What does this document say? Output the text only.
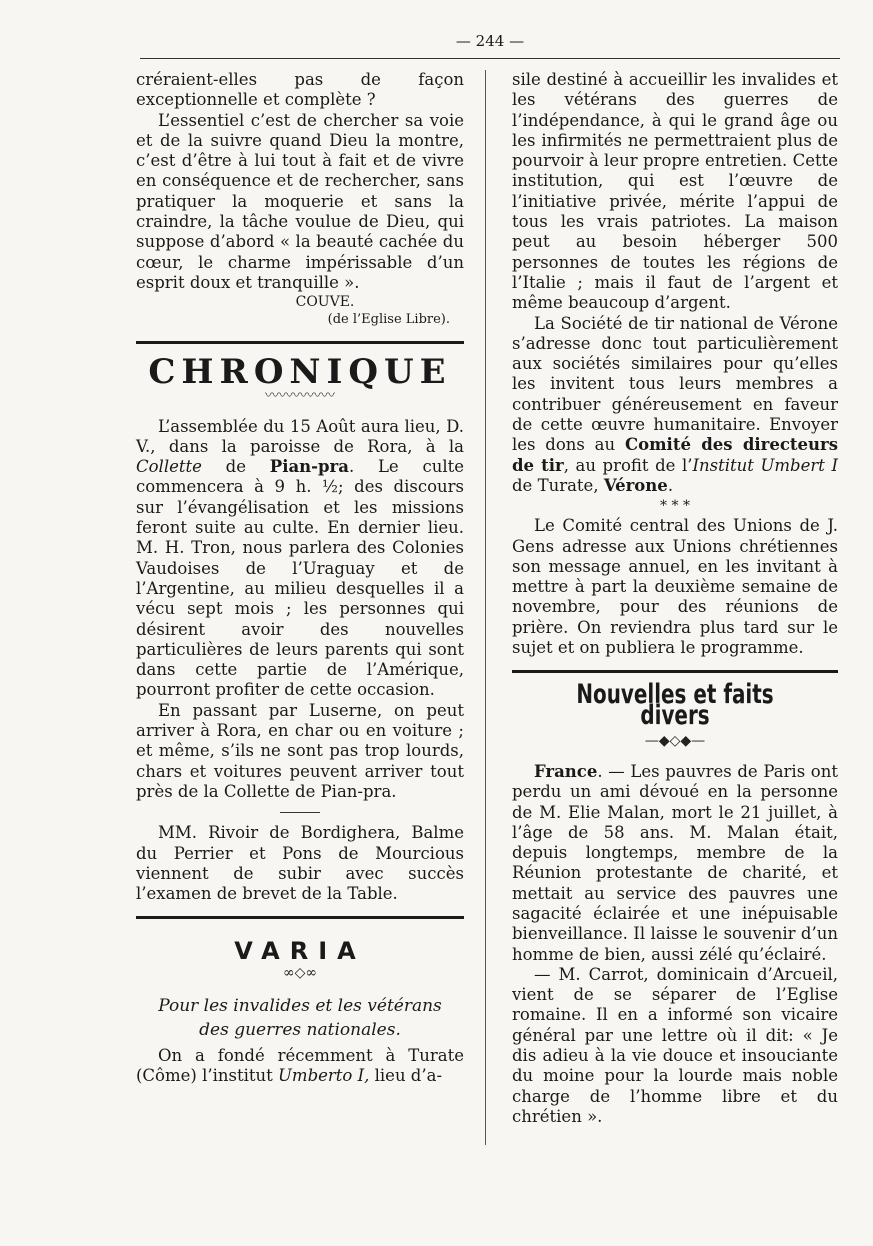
— 244 —

créraient-elles pas de façon exceptionnelle et complète ?

L’essentiel c’est de chercher sa voie et de la suivre quand Dieu la montre, c’est d’être à lui tout à fait et de vivre en conséquence et de rechercher, sans pratiquer la moquerie et sans la craindre, la tâche voulue de Dieu, qui suppose d’abord « la beauté cachée du cœur, le charme impérissable d’un esprit doux et tranquille ».

COUVE.
(de l’Eglise Libre).
CHRONIQUE
〰〰〰〰〰

L’assemblée du 15 Août aura lieu, D. V., dans la paroisse de Rora, à la Collette de Pian-pra. Le culte commencera à 9 h. ½; des discours sur l’évangélisation et les missions feront suite au culte. En dernier lieu. M. H. Tron, nous parlera des Colonies Vaudoises de l’Uraguay et de l’Argentine, au milieu desquelles il a vécu sept mois ; les personnes qui désirent avoir des nouvelles particulières de leurs parents qui sont dans cette partie de l’Amérique, pourront profiter de cette occasion.

En passant par Luserne, on peut arriver à Rora, en char ou en voiture ; et même, s’ils ne sont pas trop lourds, chars et voitures peuvent arriver tout près de la Collette de Pian-pra.

MM. Rivoir de Bordighera, Balme du Perrier et Pons de Mourcious viennent de subir avec succès l’examen de brevet de la Table.

VARIA
∞◇∞
Pour les invalides et les vétérans
des guerres nationales.

On a fondé récemment à Turate (Côme) l’institut Umberto I, lieu d’a-

sile destiné à accueillir les invalides et les vétérans des guerres de l’indépendance, à qui le grand âge ou les infirmités ne permettraient plus de pourvoir à leur propre entretien. Cette institution, qui est l’œuvre de l’initiative privée, mérite l’appui de tous les vrais patriotes. La maison peut au besoin héberger 500 personnes de toutes les régions de l’Italie ; mais il faut de l’argent et même beaucoup d’argent.

La Société de tir national de Vérone s’adresse donc tout particulièrement aux sociétés similaires pour qu’elles les invitent tous leurs membres a contribuer généreusement en faveur de cette œuvre humanitaire. Envoyer les dons au Comité des directeurs de tir, au profit de l’Institut Umbert I de Turate, Vérone.

* * *

Le Comité central des Unions de J. Gens adresse aux Unions chrétiennes son message annuel, en les invitant à mettre à part la deuxième semaine de novembre, pour des réunions de prière. On reviendra plus tard sur le sujet et on publiera le programme.

Nouvelles et faits divers
—◆◇◆—

France. — Les pauvres de Paris ont perdu un ami dévoué en la personne de M. Elie Malan, mort le 21 juillet, à l’âge de 58 ans. M. Malan était, depuis longtemps, membre de la Réunion protestante de charité, et mettait au service des pauvres une sagacité éclairée et une inépuisable bienveillance. Il laisse le souvenir d’un homme de bien, aussi zélé qu’éclairé.

— M. Carrot, dominicain d’Arcueil, vient de se séparer de l’Eglise romaine. Il en a informé son vicaire général par une lettre où il dit: « Je dis adieu à la vie douce et insouciante du moine pour la lourde mais noble charge de l’homme libre et du chrétien ».
